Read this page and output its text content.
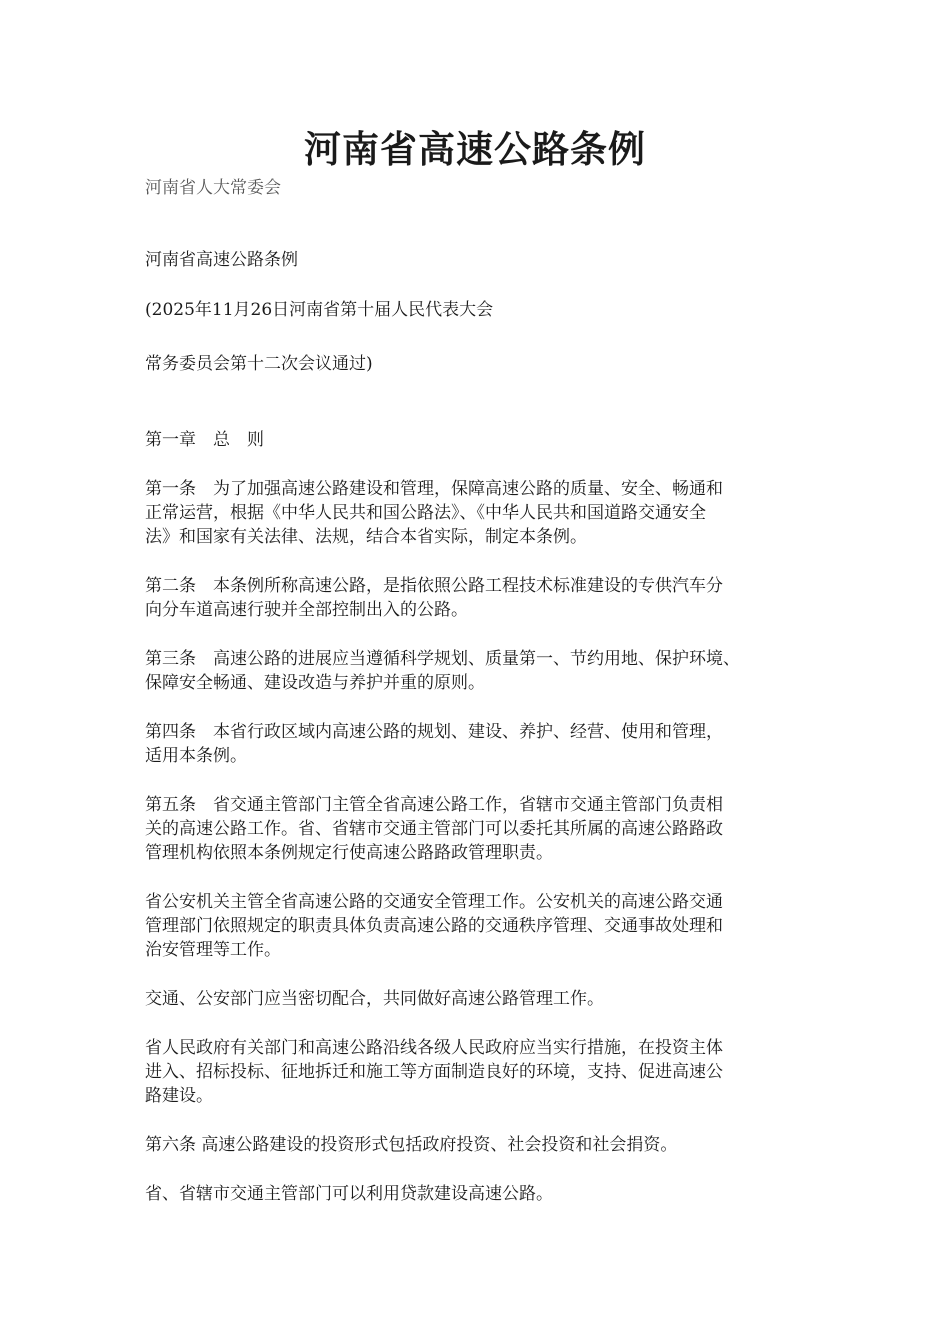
河南省高速公路条例
河南省人大常委会
河南省高速公路条例
(2025年11月26日河南省第十届人民代表大会
常务委员会第十二次会议通过)
第一章　总　则
第一条　为了加强高速公路建设和管理，保障高速公路的质量、安全、畅通和
正常运营，根据《中华人民共和国公路法》、《中华人民共和国道路交通安全
法》和国家有关法律、法规，结合本省实际，制定本条例。
第二条　本条例所称高速公路，是指依照公路工程技术标准建设的专供汽车分
向分车道高速行驶并全部控制出入的公路。
第三条　高速公路的进展应当遵循科学规划、质量第一、节约用地、保护环境、
保障安全畅通、建设改造与养护并重的原则。
第四条　本省行政区域内高速公路的规划、建设、养护、经营、使用和管理，
适用本条例。
第五条　省交通主管部门主管全省高速公路工作，省辖市交通主管部门负责相
关的高速公路工作。省、省辖市交通主管部门可以委托其所属的高速公路路政
管理机构依照本条例规定行使高速公路路政管理职责。
省公安机关主管全省高速公路的交通安全管理工作。公安机关的高速公路交通
管理部门依照规定的职责具体负责高速公路的交通秩序管理、交通事故处理和
治安管理等工作。
交通、公安部门应当密切配合，共同做好高速公路管理工作。
省人民政府有关部门和高速公路沿线各级人民政府应当实行措施，在投资主体
进入、招标投标、征地拆迁和施工等方面制造良好的环境，支持、促进高速公
路建设。
第六条 高速公路建设的投资形式包括政府投资、社会投资和社会捐资。
省、省辖市交通主管部门可以利用贷款建设高速公路。
